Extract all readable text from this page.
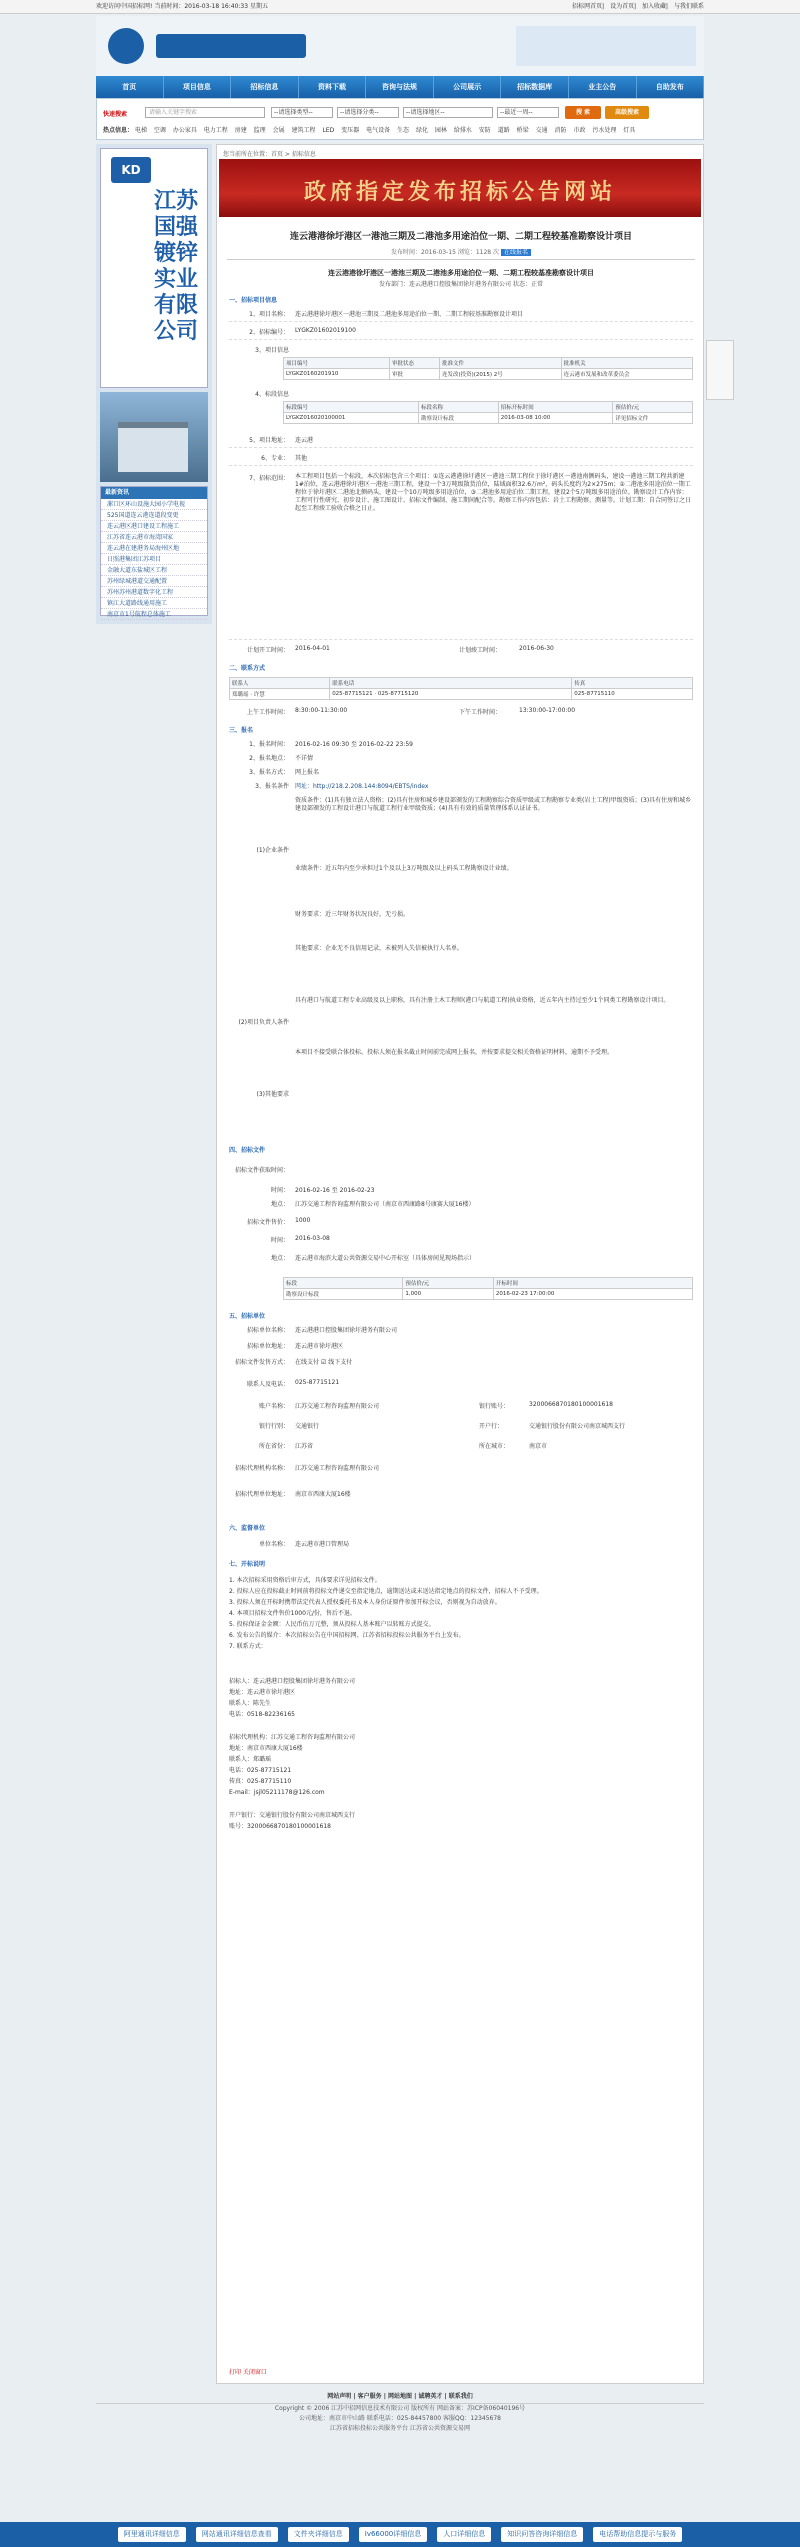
欢迎访问中国招标网! 当前时间：2016-03-18 16:40:33 星期五	招标网首页| 设为首页| 加入收藏| 与我们联系
首页	项目信息	招标信息	资料下载	咨询与法规	公司展示	招标数据库	业主公告	自助发布
快速搜索	请输入关键字搜索	--请选择类型--	--请选择分类--	--请选择地区--	--最近一周--	搜 索	高级搜索
热点信息： 电梯 空调 办公家具 电力工程 房建 监理 会展 建筑工程 LED 变压器 电气设备 生态 绿化 园林 给排水 安防 道路 桥梁 交通 消防 市政 污水处理 灯具
KD
江苏国强镀锌实业有限公司
最新资讯
漯口区环山设施大园小学电视
525国道连云港连道段变更
连云港区港口建设工程施工
江苏省连云港市海湾国家
连云港在建港务局海州区地
日照港集团江苏项目
金融大道东盐城区工程
苏州绿城港道交通配置
苏州苏州港道数字化工程
镇江大道路线通用施工
南京市1号航程总体施工
您当前所在位置：首页 > 招标信息
政府指定发布招标公告网站
连云港港徐圩港区一港池三期及二港池多用途泊位一期、二期工程较基准勘察设计项目
发布时间：2016-03-15 浏览：1128 次 在线报名
连云港港徐圩港区一港池三期及二港池多用途泊位一期、二期工程较基准勘察设计项目
发布部门：连云港港口控股集团徐圩港务有限公司 状态：正常
一、招标项目信息
1、项目名称： 连云港港徐圩港区一港池三期及二港池多用途泊位一期、二期工程较基准勘察设计项目
2、招标编号： LYGKZ01602019100
3、项目信息
项目编号	审批状态	批准文件	批准机关
LYGKZ0160201910	审批	连发改(投资)(2015) 2号	连云港市发展和改革委员会
4、标段信息
标段编号	标段名称	招标开标时间	预估价/元
LYGKZ016020100001	勘察设计标段	2016-03-08 10:00	详见招标文件
5、项目地址： 连云港
6、专业： 其他
7、招标范围： 本工程项目包括一个标段，本次招标包含三个项目：①连云港港徐圩港区一港池三期工程位于徐圩港区一港池南侧码头，建设一港池三期工程共新建1#泊位，连云港港徐圩港区一港池三期工程，建设一个3万吨级散货泊位，陆域面积32.6万m²，码头长度约为2×275m；②二港池多用途泊位一期工程位于徐圩港区二港池北侧码头，建设一个10万吨级多用途泊位，③二港池多用途泊位二期工程，建设2个5万吨级多用途泊位。勘察设计工作内容：工程可行性研究、初步设计、施工图设计、招标文件编制、施工期间配合等。勘察工作内容包括：岩土工程勘察、测量等。计划工期：自合同签订之日起至工程竣工验收合格之日止。
计划开工时间： 2016-04-01	计划竣工时间：	2016-06-30
二、联系方式
联系人	联系电话	传真
郑璐瑶 · 许慧	025-87715121 · 025-87715120	025-87715110
上午工作时间： 8:30:00-11:30:00	下午工作时间：	13:30:00-17:00:00
三、报名
1、报名时间： 2016-02-16 09:30 至 2016-02-22 23:59
2、报名地点： 不详情
3、报名方式： 网上报名
3、报名条件 网址：http://218.2.208.144:8094/EBTS/index
(1)企业条件
资质条件：(1)具有独立法人资格；(2)具有住房和城乡建设部颁发的工程勘察综合资质甲级或工程勘察专业类(岩土工程)甲级资质；(3)具有住房和城乡建设部颁发的工程设计港口与航道工程行业甲级资质；(4)具有有效的质量管理体系认证证书。
业绩条件：近五年内至少承担过1个及以上3万吨级及以上码头工程勘察设计业绩。
财务要求：近三年财务状况良好，无亏损。
其他要求：企业无不良信用记录，未被列入失信被执行人名单。
(2)项目负责人条件
具有港口与航道工程专业高级及以上职称，具有注册土木工程师(港口与航道工程)执业资格，近五年内主持过至少1个同类工程勘察设计项目。
(3)其他要求
本项目不接受联合体投标。投标人须在报名截止时间前完成网上报名，并按要求提交相关资格证明材料，逾期不予受理。
四、招标文件
招标文件获取时间：
时间： 2016-02-16 至 2016-02-23
地点： 江苏交通工程咨询监理有限公司（南京市西康路8号康赛大厦16楼）
招标文件售价： 1000
时间： 2016-03-08
地点： 连云港市海滨大道公共资源交易中心开标室（具体房间见现场指示）
标段	预估价/元	开标时间
勘察设计标段	1,000	2016-02-23 17:00:00
五、招标单位
招标单位名称： 连云港港口控股集团徐圩港务有限公司
招标单位地址： 连云港市徐圩港区
招标文件发售方式： 在线支付 ☑ 线下支付
联系人及电话： 025-87715121
账户名称： 江苏交通工程咨询监理有限公司	银行账号：	3200066870180100001618
银行行别： 交通银行	开户行：	交通银行股份有限公司南京城西支行
所在省份： 江苏省	所在城市：	南京市
招标代理机构名称： 江苏交通工程咨询监理有限公司
招标代理单位地址： 南京市西康大厦16楼
六、监督单位
单位名称： 连云港市港口管理局
七、开标说明
1. 本次招标采用资格后审方式，具体要求详见招标文件。
2. 投标人应在投标截止时间前将投标文件递交至指定地点，逾期送达或未送达指定地点的投标文件，招标人不予受理。
3. 投标人须在开标时携带法定代表人授权委托书及本人身份证原件参加开标会议，否则视为自动放弃。
4. 本项目招标文件售价1000元/份，售后不退。
5. 投标保证金金额：人民币伍万元整，须从投标人基本账户以转账方式提交。
6. 发布公告的媒介：本次招标公告在中国招标网、江苏省招标投标公共服务平台上发布。
7. 联系方式：
招标人：连云港港口控股集团徐圩港务有限公司
地址：连云港市徐圩港区
联系人：陈先生
电话：0518-82236165
招标代理机构：江苏交通工程咨询监理有限公司
地址：南京市西康大厦16楼
联系人：郑璐瑶
电话：025-87715121
传真：025-87715110
E-mail：jsjl05211178@126.com
开户银行：交通银行股份有限公司南京城西支行
账号：3200066870180100001618
打印 关闭窗口
网站声明 | 客户服务 | 网站地图 | 诚聘英才 | 联系我们
Copyright © 2006 江苏中招网信息技术有限公司 版权所有 网站备案：苏ICP备06040196号
公司地址：南京市中山路 联系电话：025-84457800 客服QQ：12345678
江苏省招标投标公共服务平台 江苏省公共资源交易网
阿里通讯详细信息	网站通讯详细信息查看	文件夹详细信息	Iv66000详细信息	人口详细信息	知识问答咨询详细信息	电话帮助信息提示与服务
